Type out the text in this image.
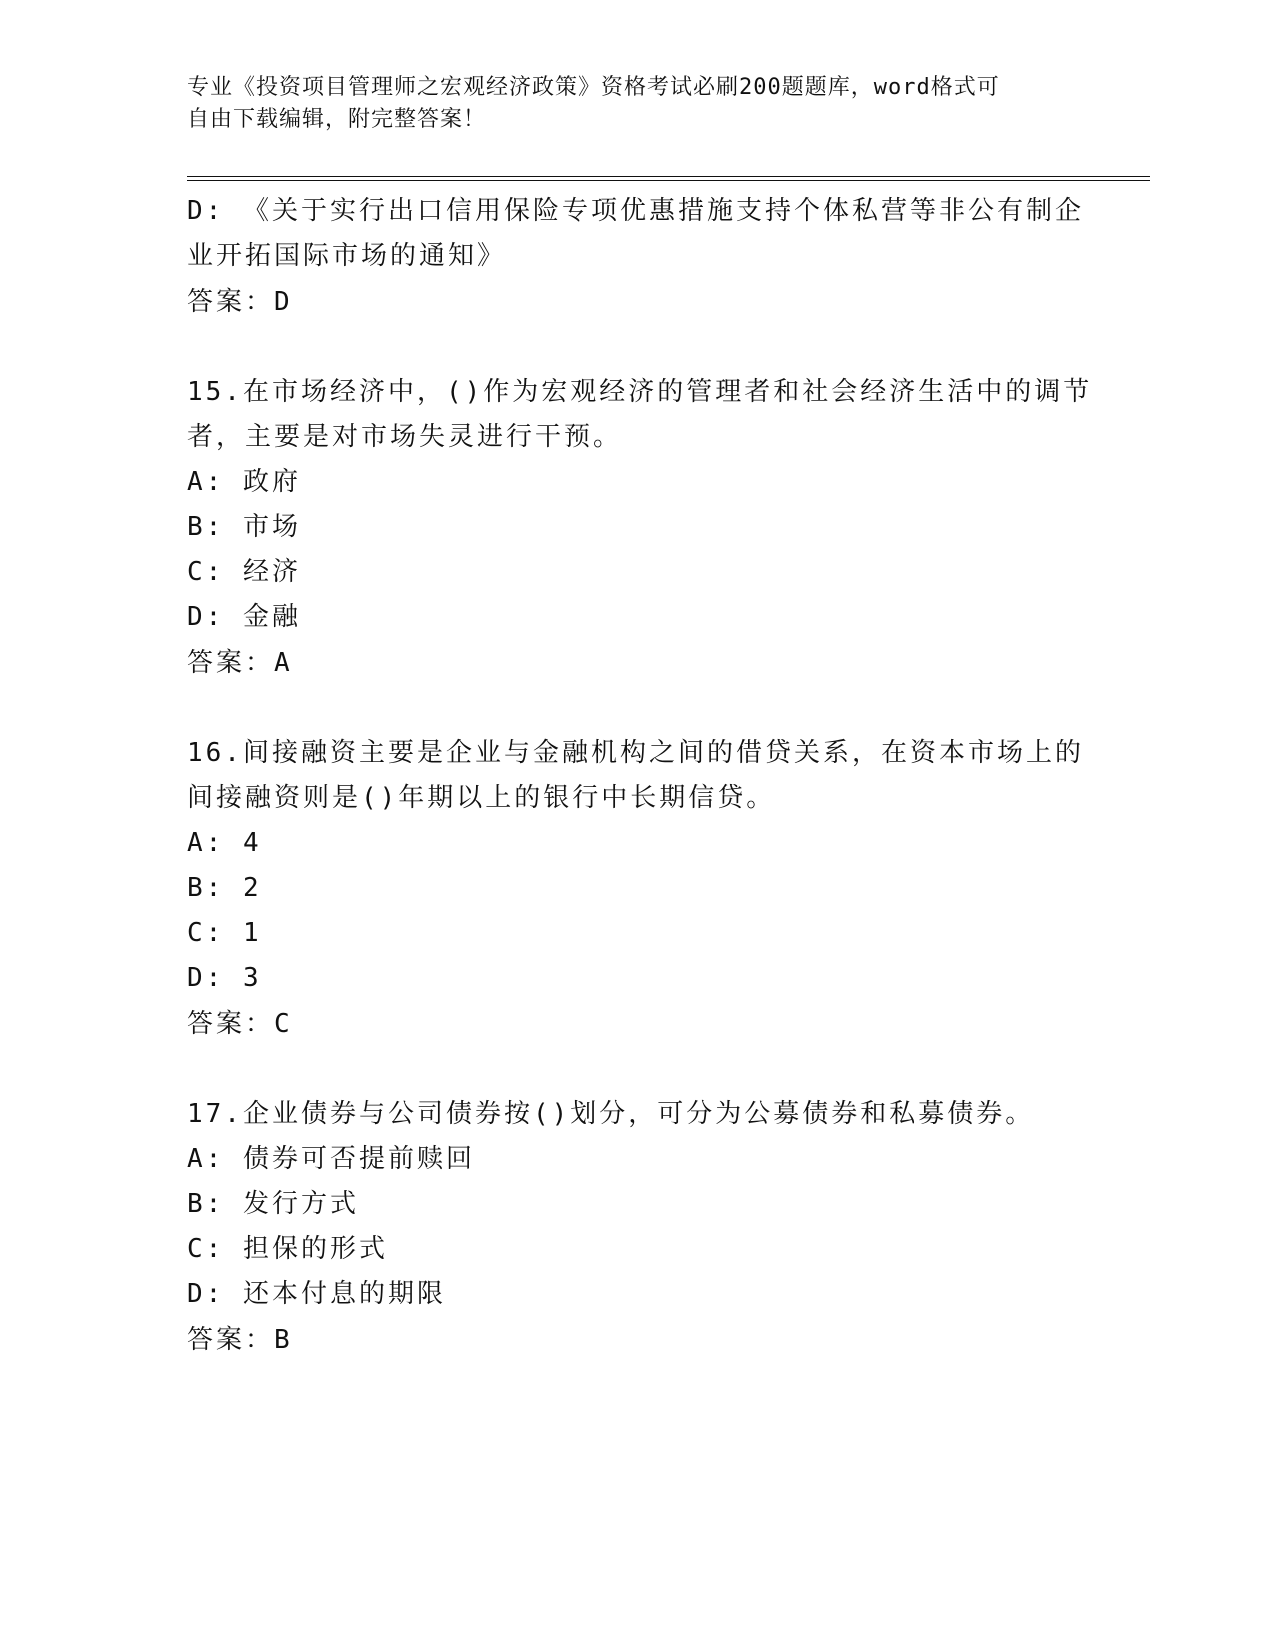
专业《投资项目管理师之宏观经济政策》资格考试必刷200题题库，word格式可
自由下载编辑，附完整答案！
D: 《关于实行出口信用保险专项优惠措施支持个体私营等非公有制企
业开拓国际市场的通知》
答案：D
15.在市场经济中，()作为宏观经济的管理者和社会经济生活中的调节
者，主要是对市场失灵进行干预。
A: 政府
B: 市场
C: 经济
D: 金融
答案：A
16.间接融资主要是企业与金融机构之间的借贷关系，在资本市场上的
间接融资则是()年期以上的银行中长期信贷。
A: 4
B: 2
C: 1
D: 3
答案：C
17.企业债券与公司债券按()划分，可分为公募债券和私募债券。
A: 债券可否提前赎回
B: 发行方式
C: 担保的形式
D: 还本付息的期限
答案：B
